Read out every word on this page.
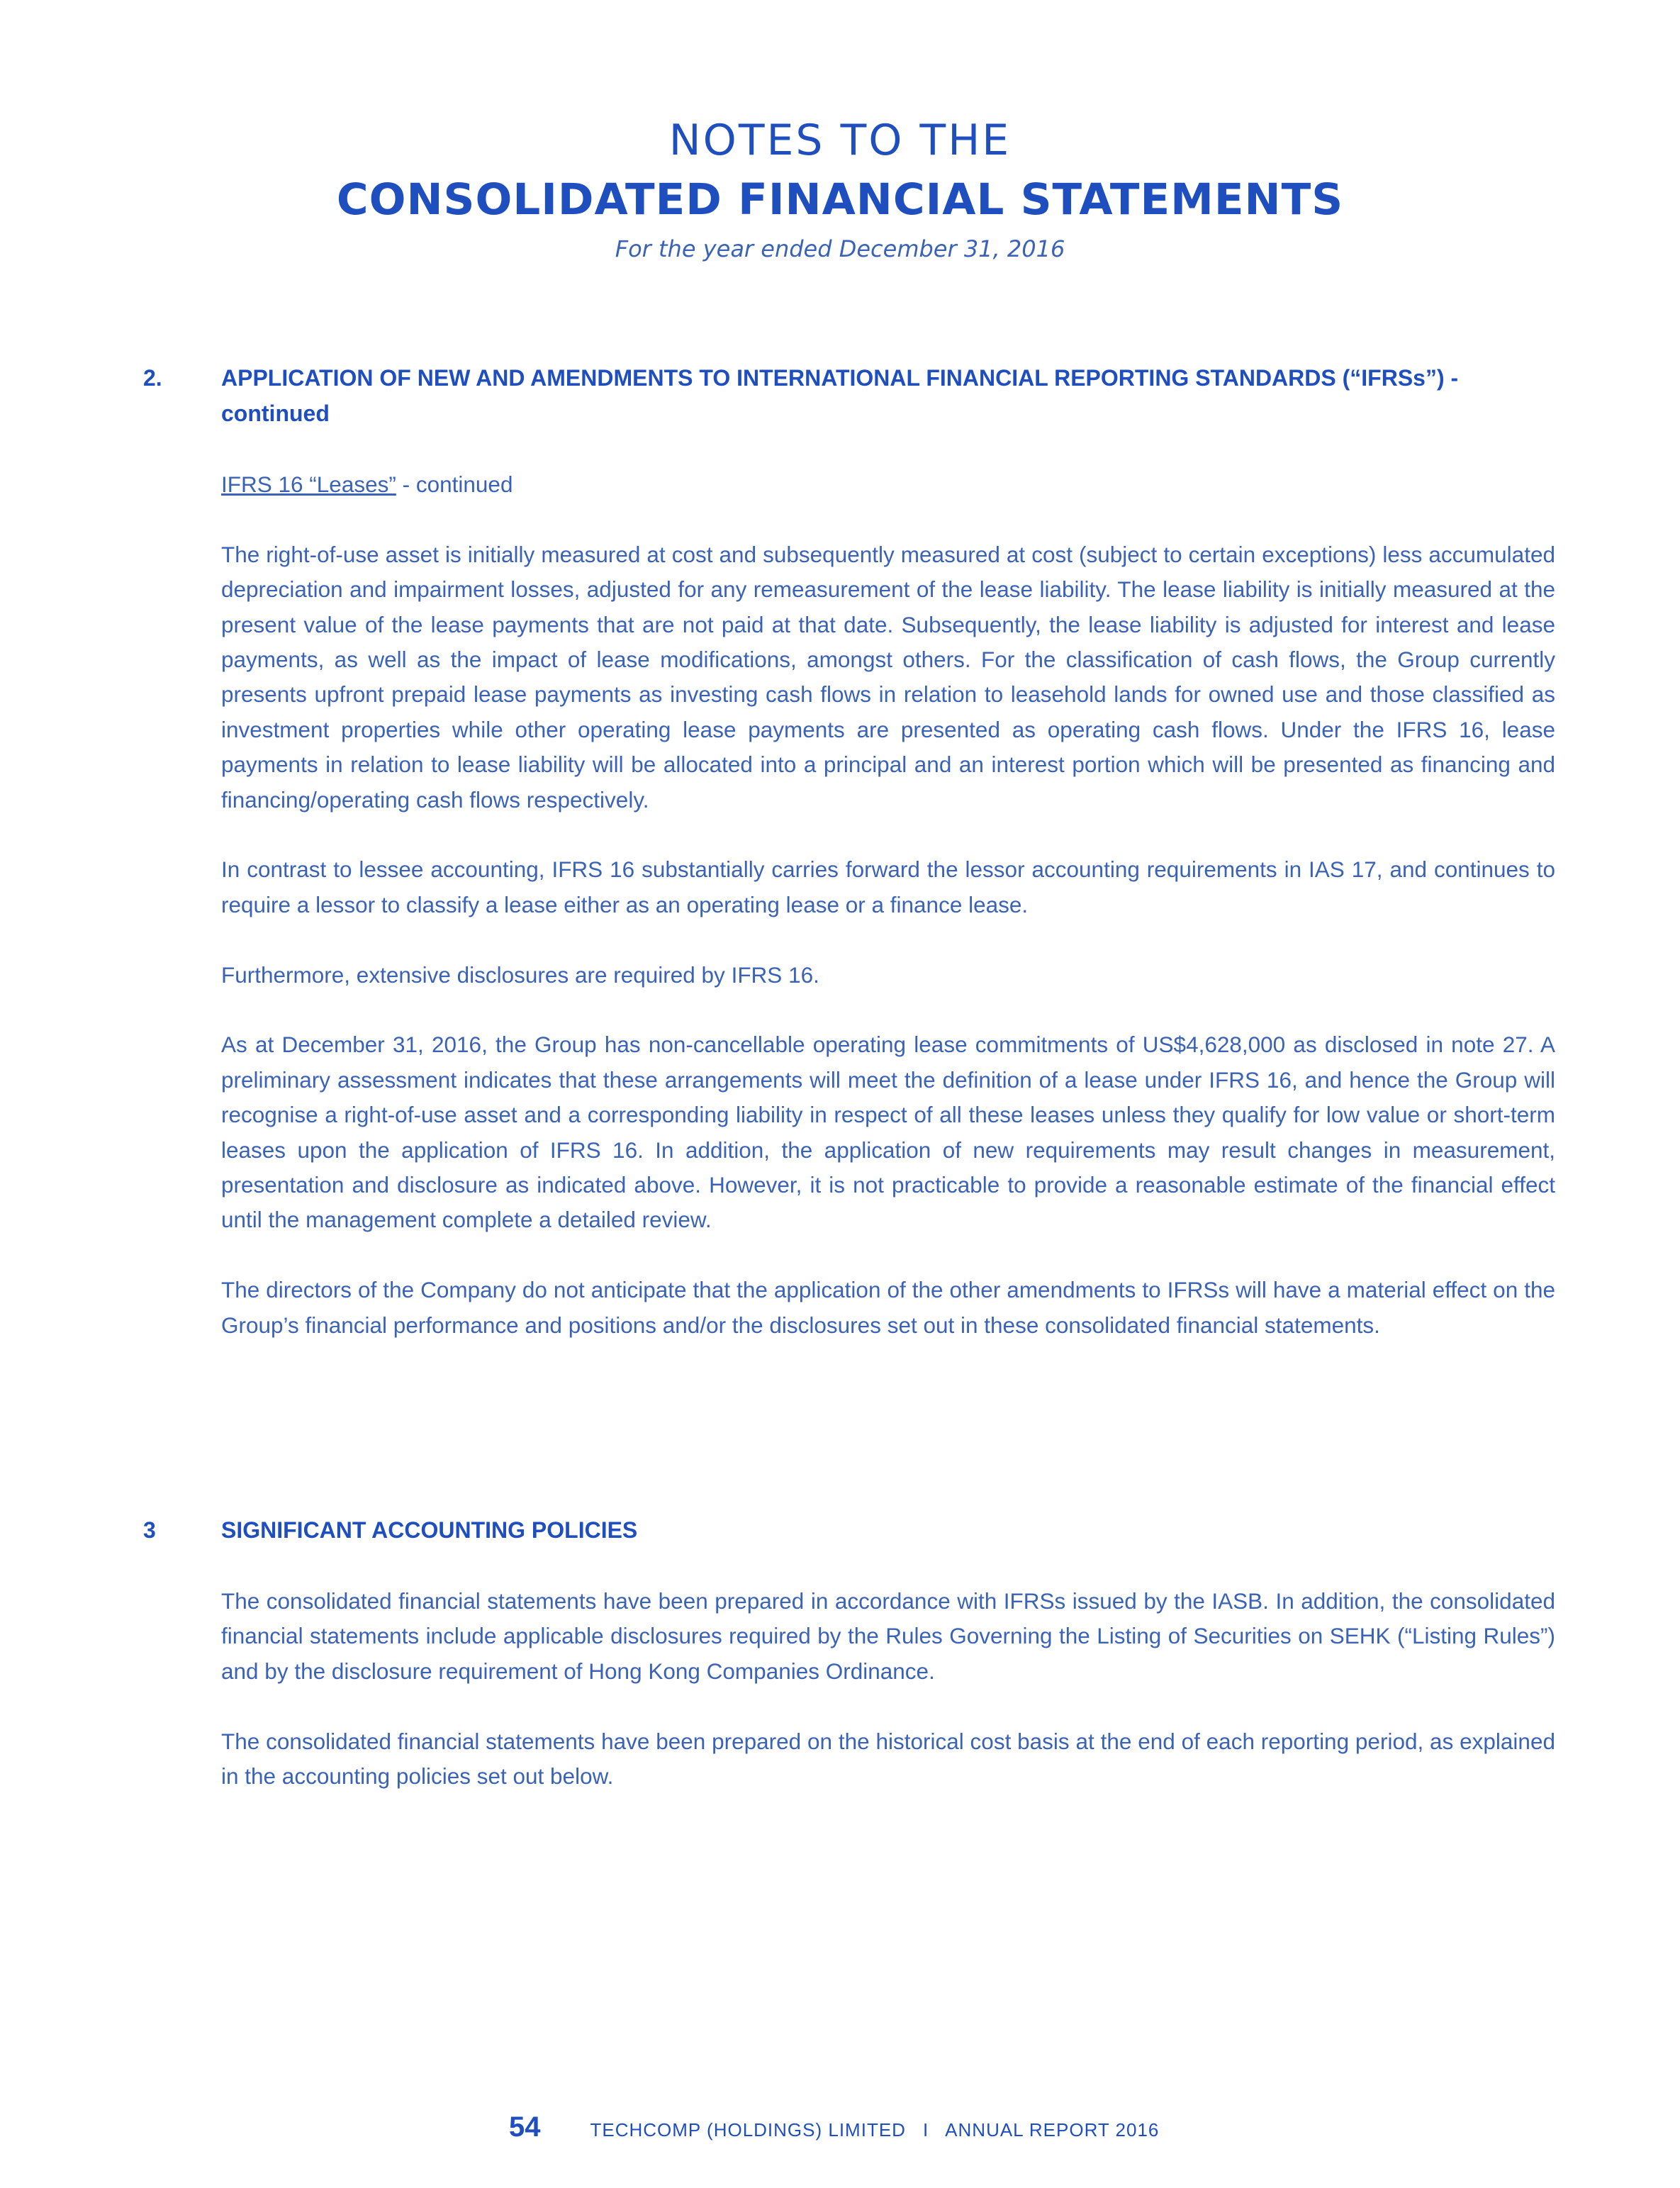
NOTES TO THE
CONSOLIDATED FINANCIAL STATEMENTS
For the year ended December 31, 2016
2.	APPLICATION OF NEW AND AMENDMENTS TO INTERNATIONAL FINANCIAL REPORTING STANDARDS (“IFRSs”) - continued
IFRS 16 “Leases” - continued

The right-of-use asset is initially measured at cost and subsequently measured at cost (subject to certain exceptions) less accumulated depreciation and impairment losses, adjusted for any remeasurement of the lease liability. The lease liability is initially measured at the present value of the lease payments that are not paid at that date. Subsequently, the lease liability is adjusted for interest and lease payments, as well as the impact of lease modifications, amongst others. For the classification of cash flows, the Group currently presents upfront prepaid lease payments as investing cash flows in relation to leasehold lands for owned use and those classified as investment properties while other operating lease payments are presented as operating cash flows. Under the IFRS 16, lease payments in relation to lease liability will be allocated into a principal and an interest portion which will be presented as financing and financing/operating cash flows respectively.

In contrast to lessee accounting, IFRS 16 substantially carries forward the lessor accounting requirements in IAS 17, and continues to require a lessor to classify a lease either as an operating lease or a finance lease.

Furthermore, extensive disclosures are required by IFRS 16.

As at December 31, 2016, the Group has non-cancellable operating lease commitments of US$4,628,000 as disclosed in note 27. A preliminary assessment indicates that these arrangements will meet the definition of a lease under IFRS 16, and hence the Group will recognise a right-of-use asset and a corresponding liability in respect of all these leases unless they qualify for low value or short-term leases upon the application of IFRS 16. In addition, the application of new requirements may result changes in measurement, presentation and disclosure as indicated above. However, it is not practicable to provide a reasonable estimate of the financial effect until the management complete a detailed review.

The directors of the Company do not anticipate that the application of the other amendments to IFRSs will have a material effect on the Group’s financial performance and positions and/or the disclosures set out in these consolidated financial statements.

3	SIGNIFICANT ACCOUNTING POLICIES

The consolidated financial statements have been prepared in accordance with IFRSs issued by the IASB. In addition, the consolidated financial statements include applicable disclosures required by the Rules Governing the Listing of Securities on SEHK (“Listing Rules”) and by the disclosure requirement of Hong Kong Companies Ordinance.

The consolidated financial statements have been prepared on the historical cost basis at the end of each reporting period, as explained in the accounting policies set out below.

54	TECHCOMP (HOLDINGS) LIMITED I ANNUAL REPORT 2016
